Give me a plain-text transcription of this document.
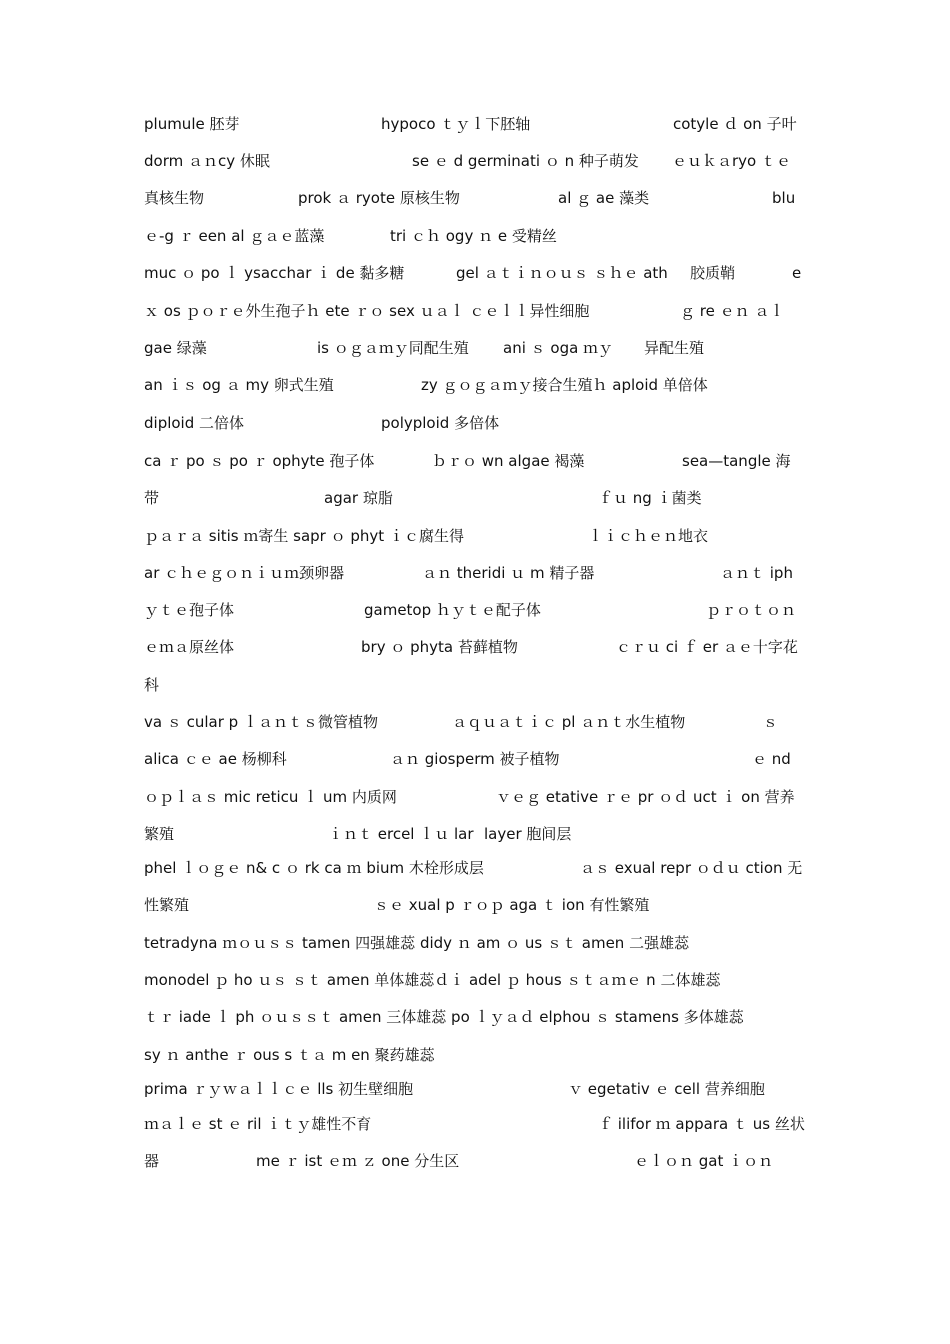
plumule 胚芽	hypoco ｔｙｌ下胚轴	cotyle ｄ on 子叶
dorm ａｎcy 休眠	se ｅ d germinati ｏ n 种子萌发 ｅｕｋａryo ｔｅ
真核生物	prok ａ ryote 原核生物	al ｇ ae 藻类	blu
ｅ-g ｒ een al ｇａｅ蓝藻	tri ｃｈ ogy ｎ e 受精丝
muc ｏ po ｌ ysacchar ｉ de 黏多糖	gel ａｔｉｎｏｕｓ ｓｈｅ ath 胶质鞘	e
ｘ os ｐｏｒｅ外生孢子ｈ ete ｒｏ sex ｕａｌ ｃｅｌｌ异性细胞	ｇ re ｅｎ ａｌ
gae 绿藻	is ｏｇａｍｙ同配生殖 ani ｓ oga ｍｙ 异配生殖
an ｉｓ og ａ my 卵式生殖	zy ｇｏｇａｍｙ接合生殖ｈ aploid 单倍体
diploid 二倍体	polyploid 多倍体
ca ｒ po ｓ po ｒ ophyte 孢子体	ｂｒｏ wn algae 褐藻	sea—tangle 海
带	agar 琼脂	ｆｕ ng ｉ菌类
ｐａｒａ sitis ｍ寄生 sapr ｏ phyt ｉｃ腐生得	ｌｉｃｈｅｎ地衣
ar ｃｈｅｇｏｎｉｕｍ颈卵器	ａｎ theridi ｕ m 精子器	ａｎｔ iph
ｙｔｅ孢子体	gametop ｈｙｔｅ配子体	ｐｒｏｔｏｎ
ｅｍａ原丝体	bry ｏ phyta 苔藓植物	ｃｒｕ ci ｆ er ａｅ十字花
科
va ｓ cular p ｌａｎｔｓ微管植物	ａｑｕａｔｉｃ pl ａｎｔ水生植物	ｓ
alica ｃｅ ae 杨柳科	ａｎ giosperm 被子植物	ｅ nd
ｏｐｌａｓ mic reticu ｌ um 内质网	ｖｅｇ etative ｒｅ pr ｏｄ uct ｉ on 营养
繁殖	ｉｎｔ ercel ｌｕ lar layer 胞间层
phel ｌｏｇｅ n& c ｏ rk ca ｍ bium 木栓形成层	ａｓ exual repr ｏｄｕ ction 无
性繁殖	ｓｅ xual p ｒｏｐ aga ｔ ion 有性繁殖
tetradyna ｍｏｕｓｓ tamen 四强雄蕊 didy ｎ am ｏ us ｓｔ amen 二强雄蕊
monodel ｐ ho ｕｓ ｓｔ amen 单体雄蕊ｄｉ adel ｐ hous ｓｔａｍｅ n 二体雄蕊
ｔｒ iade ｌ ph ｏｕｓｓｔ amen 三体雄蕊 po ｌｙａｄ elphou ｓ stamens 多体雄蕊
sy ｎ anthe ｒ ous s ｔａ m en 聚药雄蕊
prima ｒｙｗａｌｌｃｅ lls 初生壁细胞	ｖ egetativ ｅ cell 营养细胞
ｍａｌｅ st ｅ ril ｉｔｙ雄性不育	ｆ ilifor ｍ appara ｔ us 丝状
器	me ｒ ist ｅｍ ｚ one 分生区	ｅｌｏｎ gat ｉｏｎ
